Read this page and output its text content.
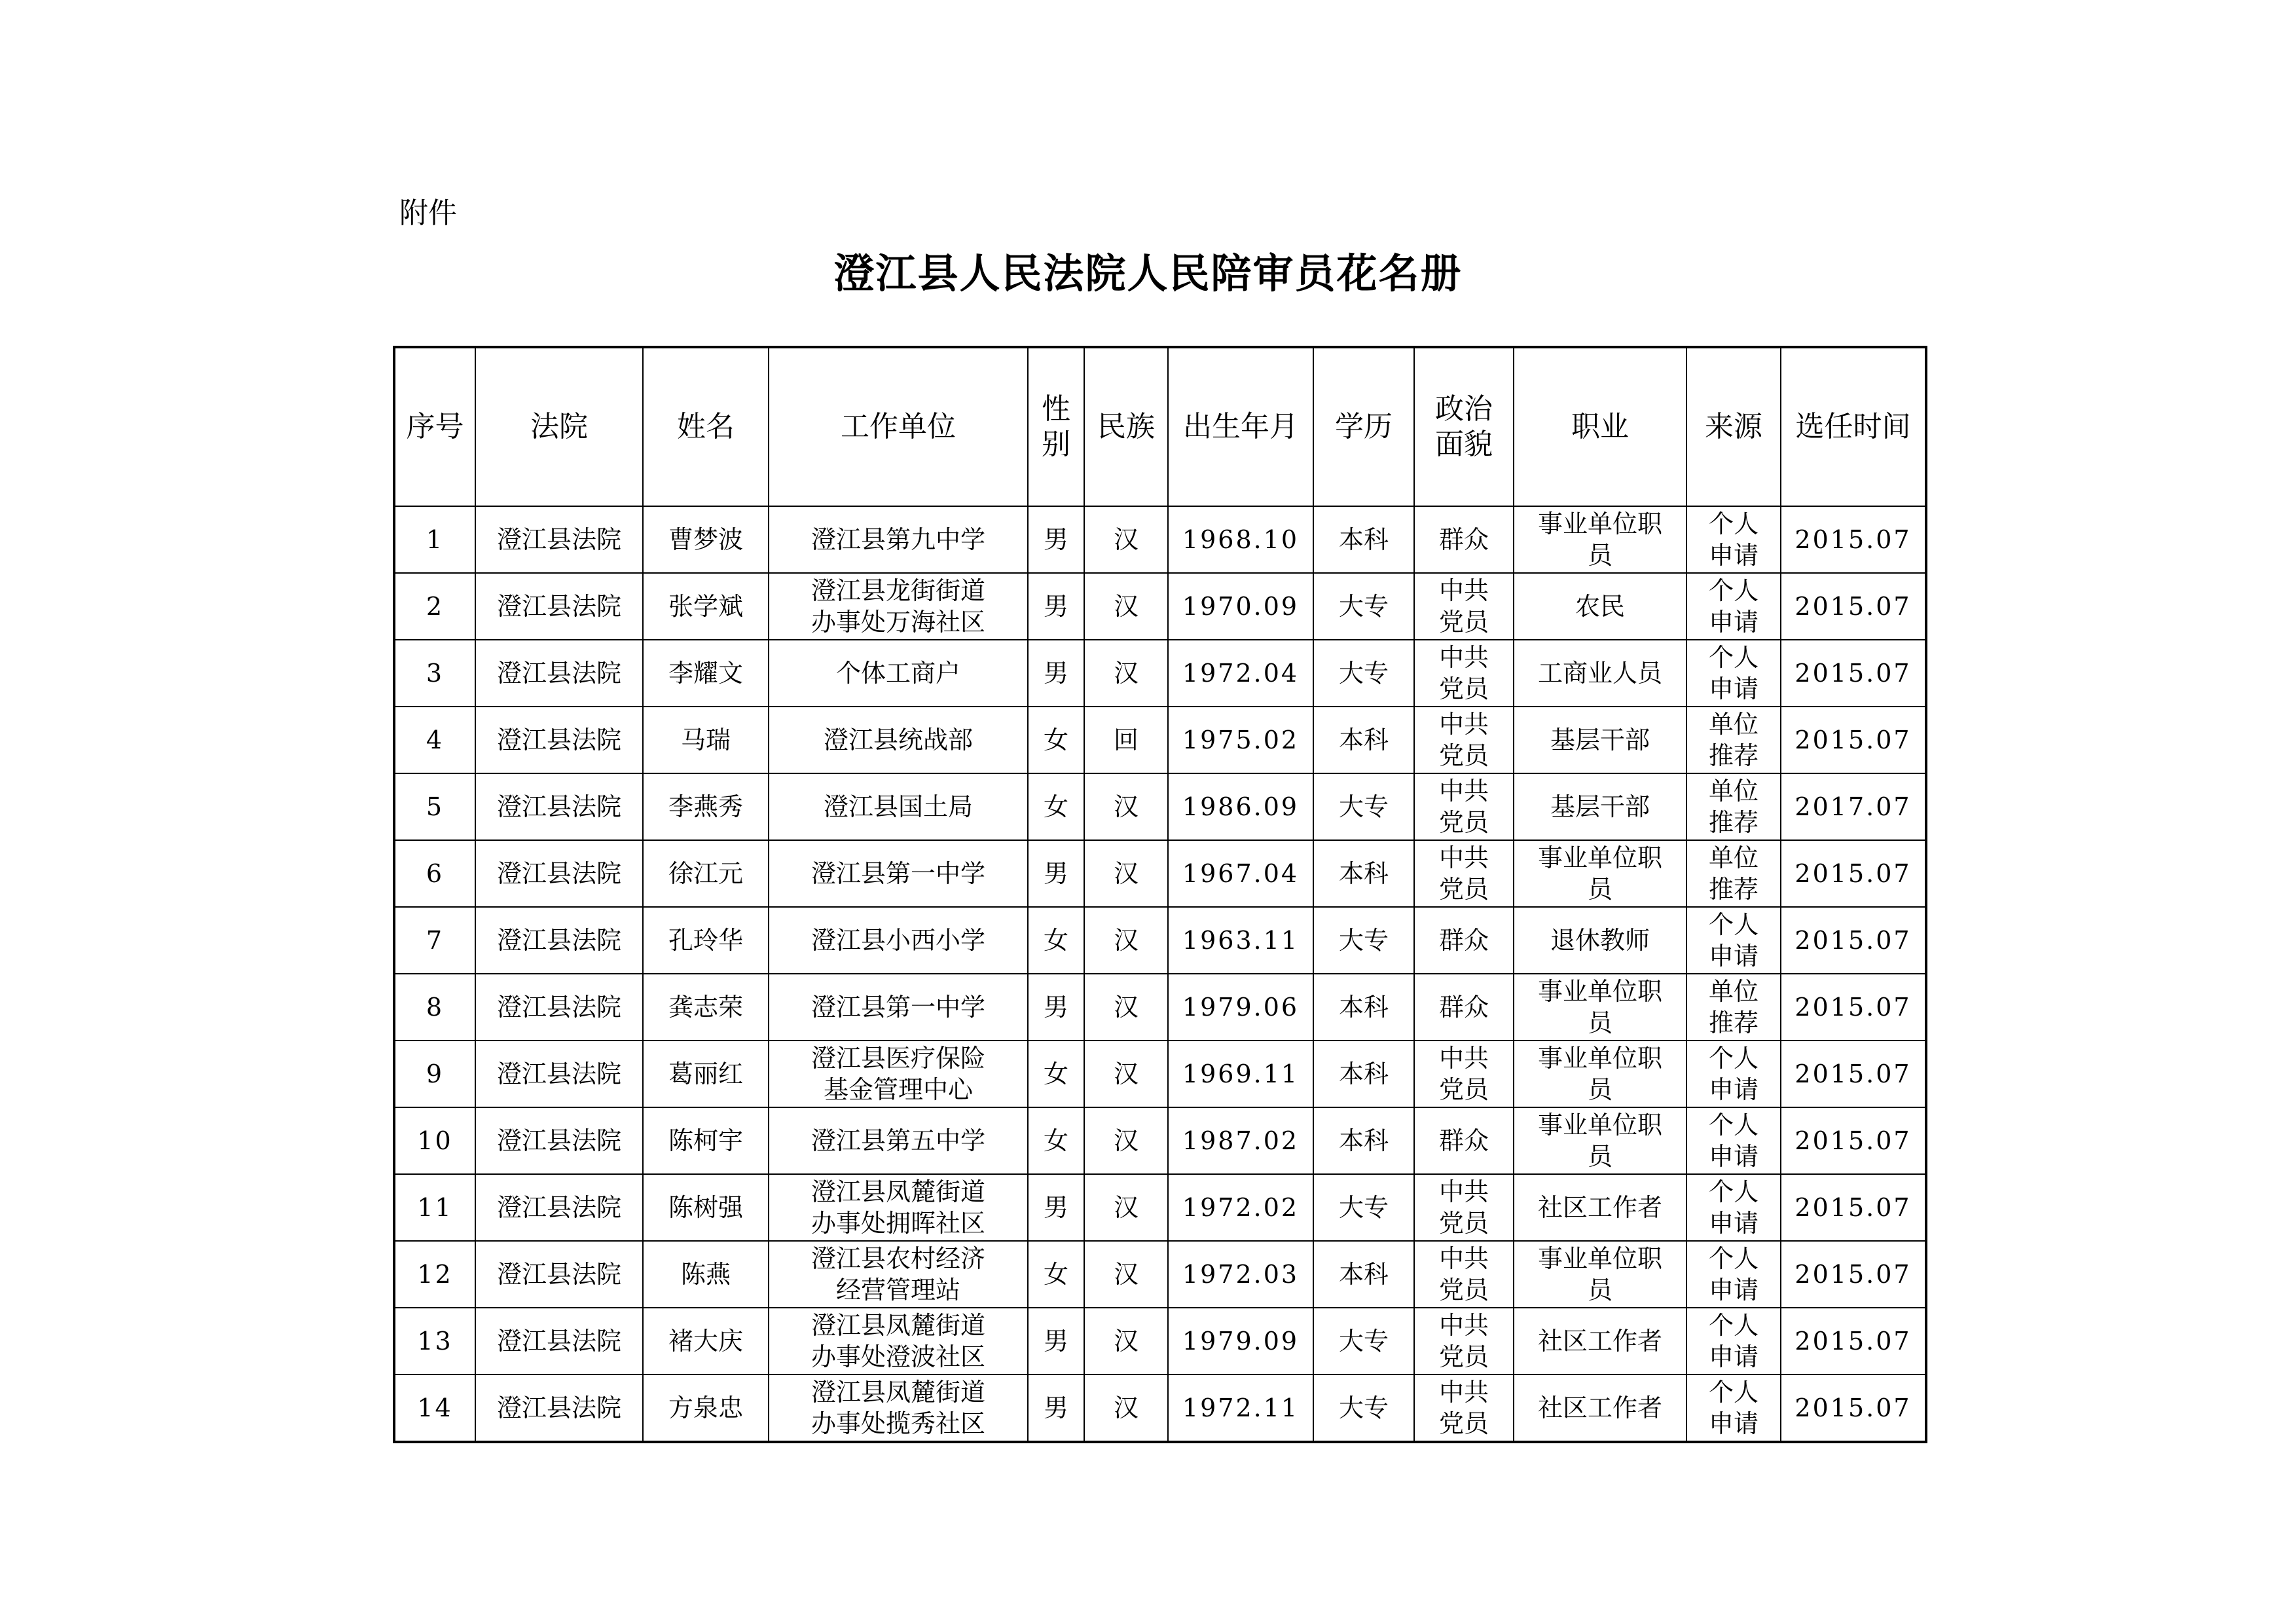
附件
澄江县人民法院人民陪审员花名册
序号	法院	姓名	工作单位	性别	民族	出生年月	学历	政治面貌	职业	来源	选任时间
1	澄江县法院	曹梦波	澄江县第九中学	男	汉	1968.10	本科	群众	事业单位职员	个人申请	2015.07
2	澄江县法院	张学斌	澄江县龙街街道办事处万海社区	男	汉	1970.09	大专	中共党员	农民	个人申请	2015.07
3	澄江县法院	李耀文	个体工商户	男	汉	1972.04	大专	中共党员	工商业人员	个人申请	2015.07
4	澄江县法院	马瑞	澄江县统战部	女	回	1975.02	本科	中共党员	基层干部	单位推荐	2015.07
5	澄江县法院	李燕秀	澄江县国土局	女	汉	1986.09	大专	中共党员	基层干部	单位推荐	2017.07
6	澄江县法院	徐江元	澄江县第一中学	男	汉	1967.04	本科	中共党员	事业单位职员	单位推荐	2015.07
7	澄江县法院	孔玲华	澄江县小西小学	女	汉	1963.11	大专	群众	退休教师	个人申请	2015.07
8	澄江县法院	龚志荣	澄江县第一中学	男	汉	1979.06	本科	群众	事业单位职员	单位推荐	2015.07
9	澄江县法院	葛丽红	澄江县医疗保险基金管理中心	女	汉	1969.11	本科	中共党员	事业单位职员	个人申请	2015.07
10	澄江县法院	陈柯宇	澄江县第五中学	女	汉	1987.02	本科	群众	事业单位职员	个人申请	2015.07
11	澄江县法院	陈树强	澄江县凤麓街道办事处拥晖社区	男	汉	1972.02	大专	中共党员	社区工作者	个人申请	2015.07
12	澄江县法院	陈燕	澄江县农村经济经营管理站	女	汉	1972.03	本科	中共党员	事业单位职员	个人申请	2015.07
13	澄江县法院	褚大庆	澄江县凤麓街道办事处澄波社区	男	汉	1979.09	大专	中共党员	社区工作者	个人申请	2015.07
14	澄江县法院	方泉忠	澄江县凤麓街道办事处揽秀社区	男	汉	1972.11	大专	中共党员	社区工作者	个人申请	2015.07
